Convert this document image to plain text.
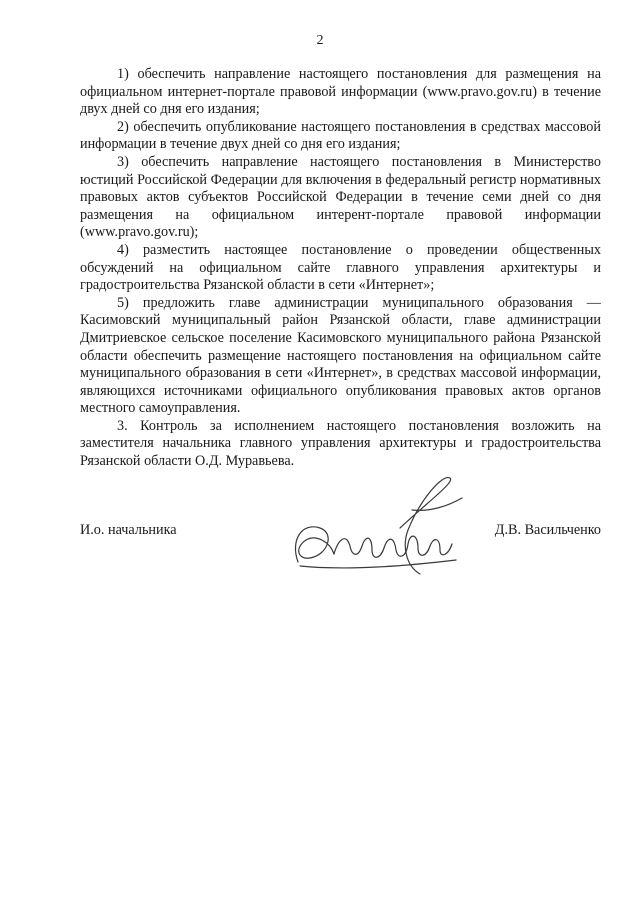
2

1) обеспечить направление настоящего постановления для размещения на официальном интернет-портале правовой информации (www.pravo.gov.ru) в течение двух дней со дня его издания;

2) обеспечить опубликование настоящего постановления в средствах массовой информации в течение двух дней со дня его издания;

3) обеспечить направление настоящего постановления в Министерство юстиций Российской Федерации для включения в федеральный регистр нормативных правовых актов субъектов Российской Федерации в течение семи дней со дня размещения на официальном интерент-портале правовой информации (www.pravo.gov.ru);

4) разместить настоящее постановление о проведении общественных обсуждений на официальном сайте главного управления архитектуры и градостроительства Рязанской области в сети «Интернет»;

5) предложить главе администрации муниципального образования — Касимовский муниципальный район Рязанской области, главе администрации Дмитриевское сельское поселение Касимовского муниципального района Рязанской области обеспечить размещение настоящего постановления на официальном сайте муниципального образования в сети «Интернет», в средствах массовой информации, являющихся источниками официального опубликования правовых актов органов местного самоуправления.

3. Контроль за исполнением настоящего постановления возложить на заместителя начальника главного управления архитектуры и градостроительства Рязанской области О.Д. Муравьева.

И.о. начальника	Д.В. Васильченко
